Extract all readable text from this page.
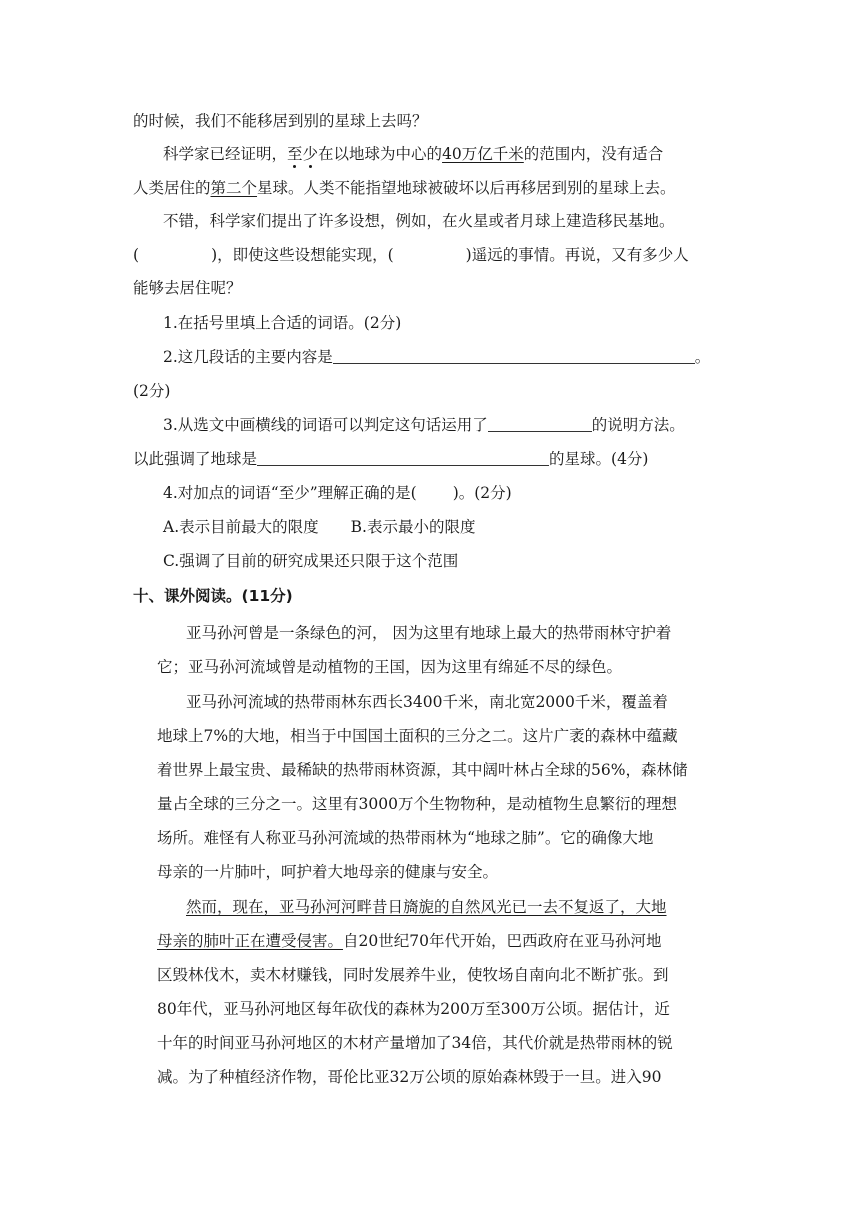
的时候，我们不能移居到别的星球上去吗？
科学家已经证明，至少在以地球为中心的40万亿千米的范围内，没有适合
人类居住的第二个星球。人类不能指望地球被破坏以后再移居到别的星球上去。
不错，科学家们提出了许多设想，例如，在火星或者月球上建造移民基地。
(	)，即使这些设想能实现，(	)遥远的事情。再说，又有多少人
能够去居住呢？
1.在括号里填上合适的词语。(2分)
2.这几段话的主要内容是	。
(2分)
3.从选文中画横线的词语可以判定这句话运用了	的说明方法。
以此强调了地球是	的星球。(4分)
4.对加点的词语“至少”理解正确的是( )。(2分)
A.表示目前最大的限度 B.表示最小的限度
C.强调了目前的研究成果还只限于这个范围
十、课外阅读。(11分)
亚马孙河曾是一条绿色的河， 因为这里有地球上最大的热带雨林守护着
它；亚马孙河流域曾是动植物的王国，因为这里有绵延不尽的绿色。
亚马孙河流域的热带雨林东西长3400千米，南北宽2000千米，覆盖着
地球上7%的大地，相当于中国国土面积的三分之二。这片广袤的森林中蕴藏
着世界上最宝贵、最稀缺的热带雨林资源，其中阔叶林占全球的56%，森林储
量占全球的三分之一。这里有3000万个生物物种，是动植物生息繁衍的理想
场所。难怪有人称亚马孙河流域的热带雨林为“地球之肺”。它的确像大地
母亲的一片肺叶，呵护着大地母亲的健康与安全。
然而，现在，亚马孙河河畔昔日旖旎的自然风光已一去不复返了，大地
母亲的肺叶正在遭受侵害。自20世纪70年代开始，巴西政府在亚马孙河地
区毁林伐木，卖木材赚钱，同时发展养牛业，使牧场自南向北不断扩张。到
80年代，亚马孙河地区每年砍伐的森林为200万至300万公顷。据估计，近
十年的时间亚马孙河地区的木材产量增加了34倍，其代价就是热带雨林的锐
减。为了种植经济作物，哥伦比亚32万公顷的原始森林毁于一旦。进入90
